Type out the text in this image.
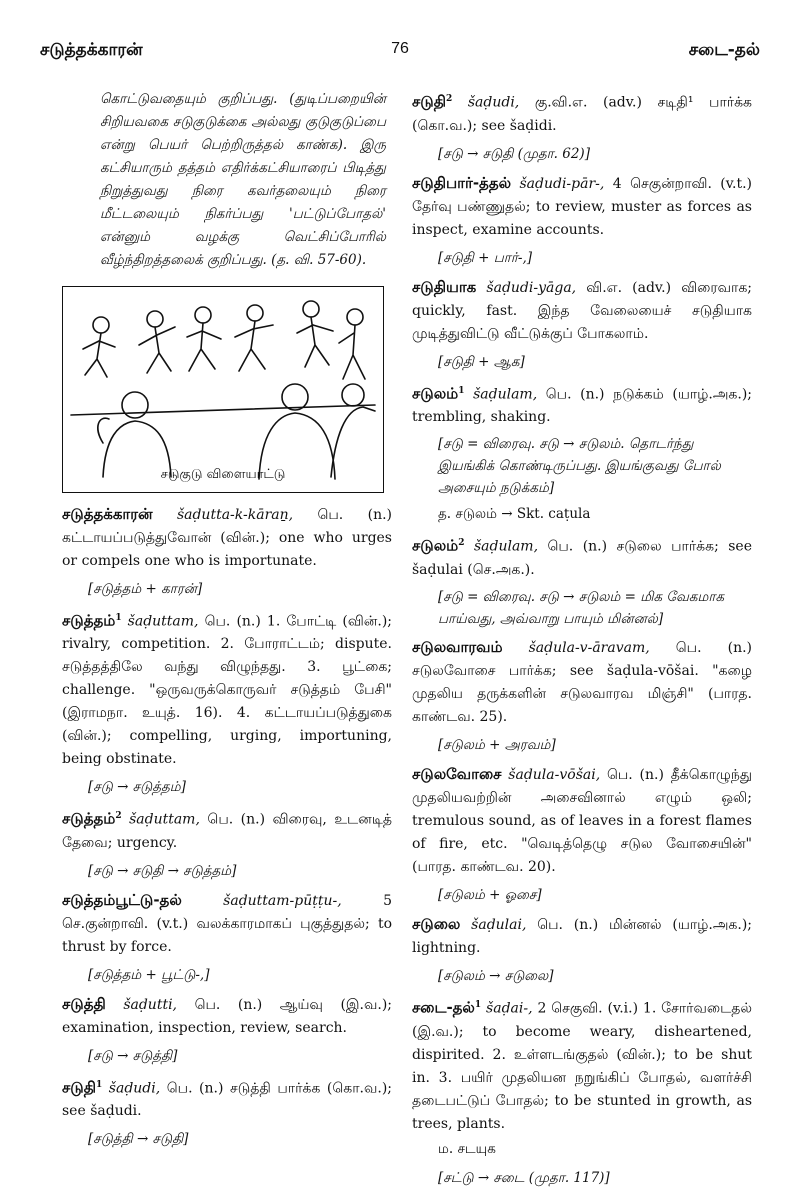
சடுத்தக்காரன்	76	சடை-தல்

கொட்டுவதையும் குறிப்பது. (துடிப்பறையின் சிறியவகை சடுகுடுக்கை அல்லது குடுகுடுப்பை என்று பெயர் பெற்றிருத்தல் காண்க). இரு கட்சியாரும் தத்தம் எதிர்க்கட்சியாரைப் பிடித்து நிறுத்துவது நிரை கவர்தலையும் நிரை மீட்டலையும் நிகர்ப்பது 'பட்டுப்போதல்' என்னும் வழக்கு வெட்சிப்போரில் வீழ்ந்திறத்தலைக் குறிப்பது. (த. வி. 57-60).

சடுகுடு விளையாட்டு

சடுத்தக்காரன் šaḍutta-k-kāraṉ, பெ. (n.) கட்டாயப்படுத்துவோன் (வின்.); one who urges or compels one who is importunate.

[சடுத்தம் + காரன்]

சடுத்தம்$^1$ šaḍuttam, பெ. (n.) 1. போட்டி (வின்.); rivalry, competition. 2. போராட்டம்; dispute. சடுத்தத்திலே வந்து விழுந்தது. 3. பூட்கை; challenge. "ஒருவருக்கொருவர் சடுத்தம் பேசி" (இராமநா. உயுத். 16). 4. கட்டாயப்படுத்துகை (வின்.); compelling, urging, importuning, being obstinate.

[சடு → சடுத்தம்]

சடுத்தம்$^2$ šaḍuttam, பெ. (n.) விரைவு, உடனடித் தேவை; urgency.

[சடு → சடுதி → சடுத்தம்]

சடுத்தம்பூட்டு-தல்	šaḍuttam-pūṭṭu-,	5 செ.குன்றாவி. (v.t.) வலக்காரமாகப் புகுத்துதல்; to thrust by force.

[சடுத்தம் + பூட்டு-,]

சடுத்தி šaḍutti, பெ. (n.) ஆய்வு (இ.வ.); examination, inspection, review, search.

[சடு → சடுத்தி]

சடுதி$^1$ šaḍudi, பெ. (n.) சடுத்தி பார்க்க (கொ.வ.); see šaḍudi.

[சடுத்தி → சடுதி]

சடுதி$^2$ šaḍudi, கு.வி.எ. (adv.) சடிதி¹ பார்க்க (கொ.வ.); see šaḍidi.

[சடு → சடுதி (முதா. 62)]

சடுதிபார்-த்தல் šaḍudi-pār-, 4 செகுன்றாவி. (v.t.) தேர்வு பண்ணுதல்; to review, muster as forces as inspect, examine accounts.

[சடுதி + பார்-,]

சடுதியாக šaḍudi-yāga, வி.எ. (adv.) விரைவாக; quickly, fast. இந்த வேலையைச் சடுதியாக முடித்துவிட்டு வீட்டுக்குப் போகலாம்.

[சடுதி + ஆக]

சடுலம்$^1$ šaḍulam, பெ. (n.) நடுக்கம் (யாழ்.அக.); trembling, shaking.

[சடு = விரைவு. சடு → சடுலம். தொடர்ந்து இயங்கிக் கொண்டிருப்பது. இயங்குவது போல் அசையும் நடுக்கம்]
த. சடுலம் → Skt. caṭula

சடுலம்$^2$ šaḍulam, பெ. (n.) சடுலை பார்க்க; see šaḍulai (செ.அக.).

[சடு = விரைவு. சடு → சடுலம் = மிக வேகமாக பாய்வது, அவ்வாறு பாயும் மின்னல்]

சடுலவாரவம் šaḍula-v-āravam, பெ. (n.) சடுலவோசை பார்க்க; see šaḍula-vōšai. "கழை முதலிய தருக்களின் சடுலவாரவ மிஞ்சி" (பாரத. காண்டவ. 25).

[சடுலம் + அரவம்]

சடுலவோசை šaḍula-vōšai, பெ. (n.) தீக்கொழுந்து முதலியவற்றின் அசைவினால் எழும் ஒலி; tremulous sound, as of leaves in a forest flames of fire, etc. "வெடித்தெழு சடுல வோசையின்" (பாரத. காண்டவ. 20).

[சடுலம் + ஓசை]

சடுலை šaḍulai, பெ. (n.) மின்னல் (யாழ்.அக.); lightning.

[சடுலம் → சடுலை]

சடை-தல்$^1$ šaḍai-, 2 செகுவி. (v.i.) 1. சோர்வடைதல் (இ.வ.); to become weary, disheartened, dispirited. 2. உள்ளடங்குதல் (வின்.); to be shut in. 3. பயிர் முதலியன நறுங்கிப் போதல், வளர்ச்சி தடைபட்டுப் போதல்; to be stunted in growth, as trees, plants.

ம. சடயுக
[சட்டு → சடை (முதா. 117)]
